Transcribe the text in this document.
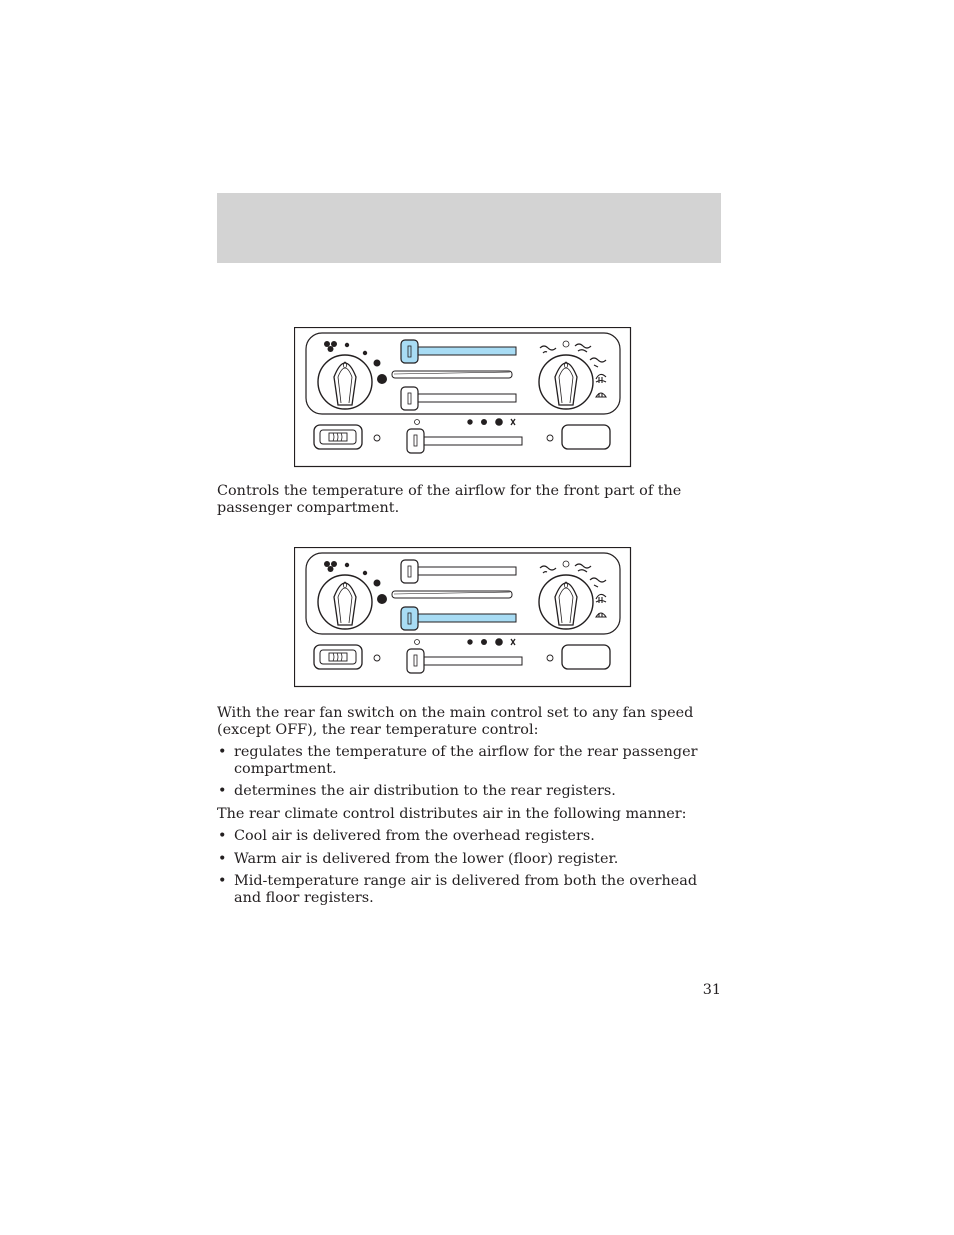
Controls the temperature of the airflow for the front part of the passenger compartment.

With the rear fan switch on the main control set to any fan speed (except OFF), the rear temperature control:

• regulates the temperature of the airflow for the rear passenger compartment.

• determines the air distribution to the rear registers.

The rear climate control distributes air in the following manner:

• Cool air is delivered from the overhead registers.

• Warm air is delivered from the lower (floor) register.

• Mid-temperature range air is delivered from both the overhead and floor registers.

31
